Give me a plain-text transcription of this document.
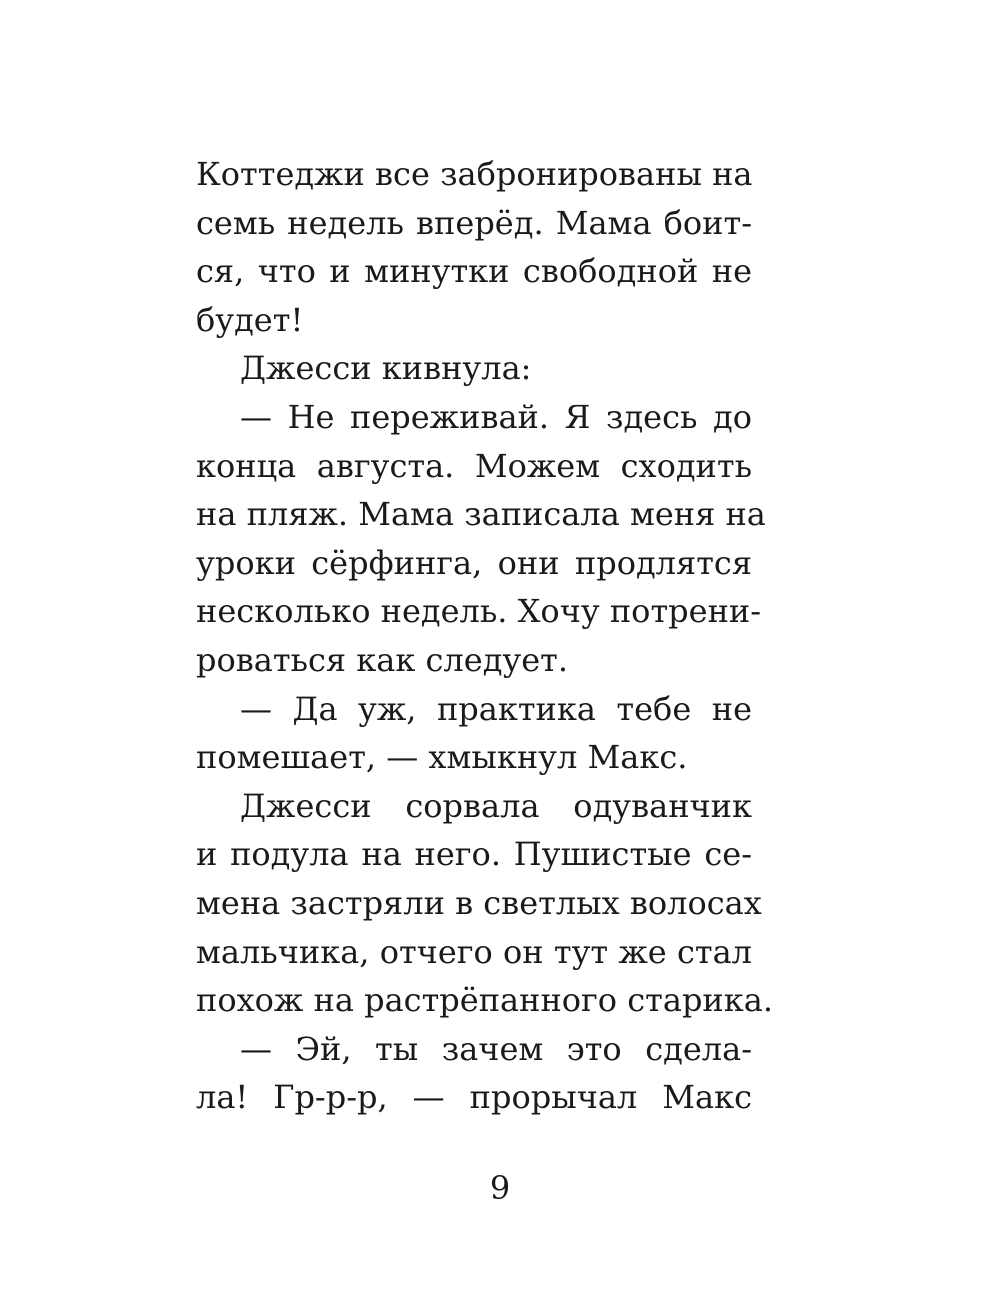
Коттеджи все забронированы на
семь недель вперёд. Мама боит-
ся, что и минутки свободной не
будет!
Джесси кивнула:
— Не переживай. Я здесь до
конца августа. Можем сходить
на пляж. Мама записала меня на
уроки сёрфинга, они продлятся
несколько недель. Хочу потрени-
роваться как следует.
— Да уж, практика тебе не
помешает, — хмыкнул Макс.
Джесси сорвала одуванчик
и подула на него. Пушистые се-
мена застряли в светлых волосах
мальчика, отчего он тут же стал
похож на растрёпанного старика.
— Эй, ты зачем это сдела-
ла! Гр-р-р, — прорычал Макс
9
